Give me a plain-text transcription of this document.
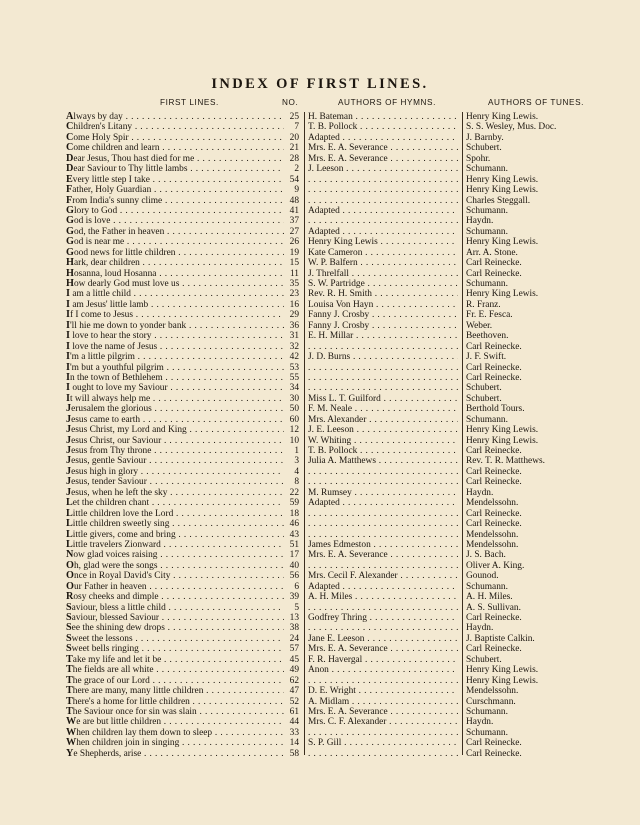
INDEX OF FIRST LINES.
FIRST LINES.	NO.	AUTHORS OF HYMNS.	AUTHORS OF TUNES.
Always by day . . .	25 H. Bateman . . .	Henry King Lewis.
Children's Litany . . .	7 T. B. Pollock . . .	S. S. Wesley, Mus. Doc.
Come Holy Spir . . .	20 Adapted . . .	J. Barnby.
Come children and learn . . .	21 Mrs. E. A. Severance . . .	Schubert.
Dear Jesus, Thou hast died for me . . .	28 Mrs. E. A. Severance . . .	Spohr.
Dear Saviour to Thy little lambs . . .	2 J. Leeson . . .	Schumann.
Every little step I take . . .	54 . . .	Henry King Lewis.
Father, Holy Guardian . . .	9 . . .	Henry King Lewis.
From India's sunny clime . . .	48 . . .	Charles Steggall.
Glory to God . . .	41 Adapted . . .	Schumann.
God is love . . .	37 . . .	Haydn.
God, the Father in heaven . . .	27 Adapted . . .	Schumann.
God is near me . . .	26 Henry King Lewis . . .	Henry King Lewis.
Good news for little children . . .	19 Kate Cameron . . .	Arr. A. Stone.
Hark, dear children . . .	15 W. P. Balfern . . .	Carl Reinecke.
Hosanna, loud Hosanna . . .	11 J. Threlfall . . .	Carl Reinecke.
How dearly God must love us . . .	35 S. W. Partridge . . .	Schumann.
I am a little child . . .	23 Rev. R. H. Smith . . .	Henry King Lewis.
I am Jesus' little lamb . . .	16 Louisa Von Hayn . . .	R. Franz.
If I come to Jesus . . .	29 Fanny J. Crosby . . .	Fr. E. Fesca.
I'll hie me down to yonder bank . . .	36 Fanny J. Crosby . . .	Weber.
I love to hear the story . . .	31 E. H. Millar . . .	Beethoven.
I love the name of Jesus . . .	32 . . .	Carl Reinecke.
I'm a little pilgrim . . .	42 J. D. Burns . . .	J. F. Swift.
I'm but a youthful pilgrim . . .	53 . . .	Carl Reinecke.
In the town of Bethlehem . . .	55 . . .	Carl Reinecke.
I ought to love my Saviour . . .	34 . . .	Schubert.
It will always help me . . .	30 Miss L. T. Guilford . . .	Schubert.
Jerusalem the glorious . . .	50 F. M. Neale . . .	Berthold Tours.
Jesus came to earth . . .	60 Mrs. Alexander . . .	Schumann.
Jesus Christ, my Lord and King . . .	12 J. E. Leeson . . .	Henry King Lewis.
Jesus Christ, our Saviour . . .	10 W. Whiting . . .	Henry King Lewis.
Jesus from Thy throne . . .	1 T. B. Pollock . . .	Carl Reinecke.
Jesus, gentle Saviour . . .	3 Julia A. Matthews . . .	Rev. T. R. Matthews.
Jesus high in glory . . .	4 . . .	Carl Reinecke.
Jesus, tender Saviour . . .	8 . . .	Carl Reinecke.
Jesus, when he left the sky . . .	22 M. Rumsey . . .	Haydn.
Let the children chant . . .	59 Adapted . . .	Mendelssohn.
Little children love the Lord . . .	18 . . .	Carl Reinecke.
Little children sweetly sing . . .	46 . . .	Carl Reinecke.
Little givers, come and bring . . .	43 . . .	Mendelssohn.
Little travelers Zionward . . .	51 James Edmeston . . .	Mendelssohn.
Now glad voices raising . . .	17 Mrs. E. A. Severance . . .	J. S. Bach.
Oh, glad were the songs . . .	40 . . .	Oliver A. King.
Once in Royal David's City . . .	56 Mrs. Cecil F. Alexander . . .	Gounod.
Our Father in heaven . . .	6 Adapted . . .	Schumann.
Rosy cheeks and dimple . . .	39 A. H. Miles . . .	A. H. Miles.
Saviour, bless a little child . . .	5 . . .	A. S. Sullivan.
Saviour, blessed Saviour . . .	13 Godfrey Thring . . .	Carl Reinecke.
See the shining dew drops . . .	38 . . .	Haydn.
Sweet the lessons . . .	24 Jane E. Leeson . . .	J. Baptiste Calkin.
Sweet bells ringing . . .	57 Mrs. E. A. Severance . . .	Carl Reinecke.
Take my life and let it be . . .	45 F. R. Havergal . . .	Schubert.
The fields are all white . . .	49 Anon . . .	Henry King Lewis.
The grace of our Lord . . .	62 . . .	Henry King Lewis.
There are many, many little children . . .	47 D. E. Wright . . .	Mendelssohn.
There's a home for little children . . .	52 A. Midlam . . .	Curschmann.
The Saviour once for sin was slain . . .	61 Mrs. E. A. Severance . . .	Schumann.
We are but little children . . .	44 Mrs. C. F. Alexander . . .	Haydn.
When children lay them down to sleep . . .	33 . . .	Schumann.
When children join in singing . . .	14 S. P. Gill . . .	Carl Reinecke.
Ye Shepherds, arise . . .	58 . . .	Carl Reinecke.
